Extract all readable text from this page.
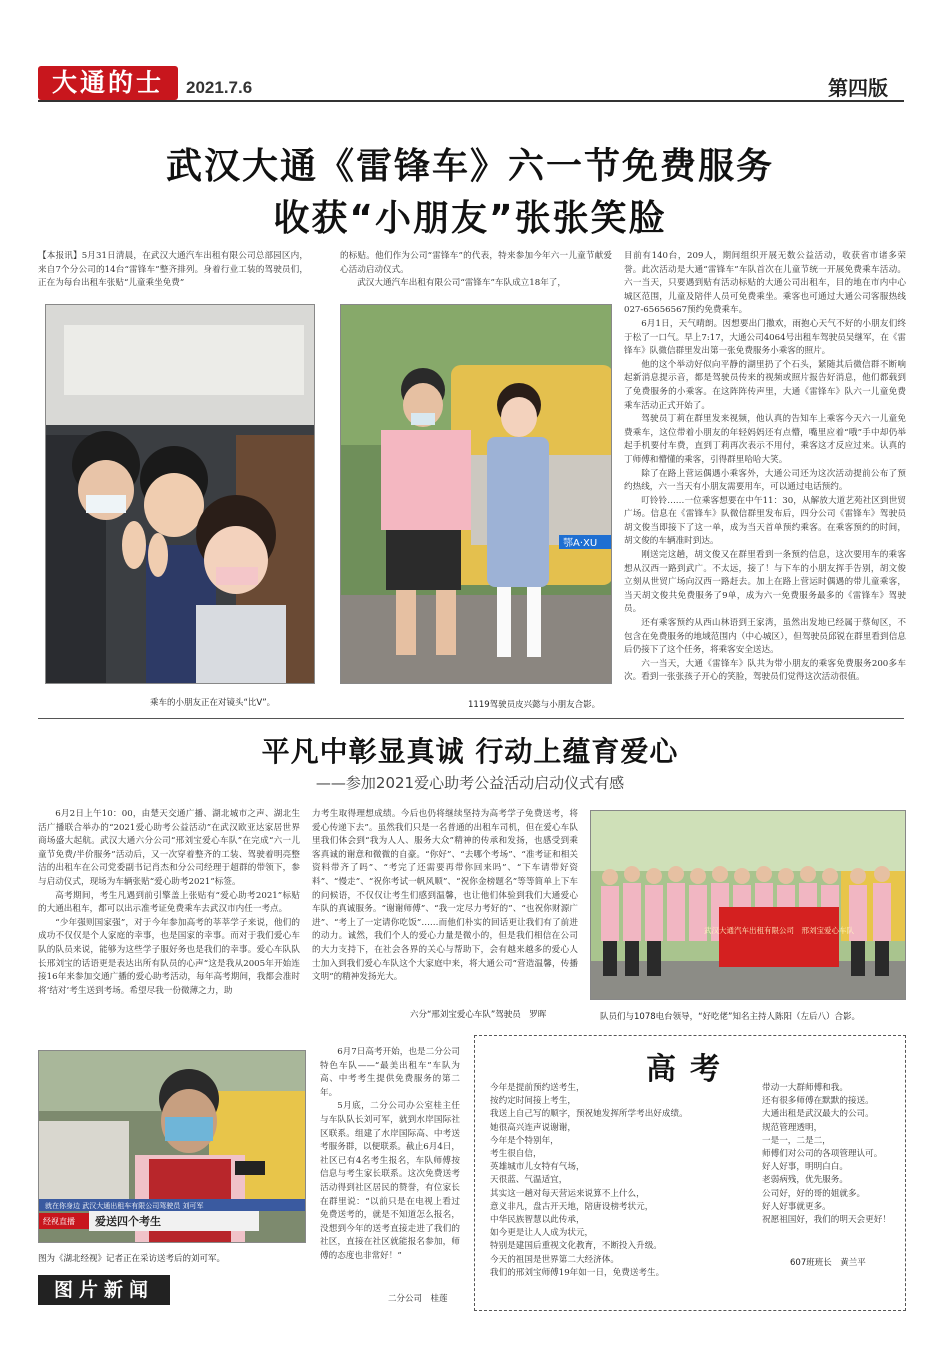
大通的士	2021.7.6	第四版
武汉大通《雷锋车》六一节免费服务
收获“小朋友”张张笑脸

【本报讯】5月31日清晨，在武汉大通汽车出租有限公司总部园区内，来自7个分公司的14台“雷锋车”整齐排列。身着行业工装的驾驶员们，正在为每台出租车张贴“儿童乘坐免费”

的标贴。他们作为公司“雷锋车”的代表，特来参加今年六一儿童节献爱心活动启动仪式。

武汉大通汽车出租有限公司“雷锋车”车队成立18年了，

乘车的小朋友正在对镜头“比V”。
鄂A·XU
1119驾驶员皮兴懿与小朋友合影。

目前有140台，209人，期间组织开展无数公益活动，收获省市诸多荣誉。此次活动是大通“雷锋车”车队首次在儿童节统一开展免费乘车活动。六一当天，只要遇到贴有活动标贴的大通公司出租车，目的地在市内中心城区范围，儿童及陪伴人员可免费乘坐。乘客也可通过大通公司客服热线027-65656567预约免费乘车。

6月1日，天气晴朗。因想要出门撒欢，雨抱心天气不好的小朋友们终于松了一口气。早上7:17，大通公司4064号出租车驾驶员吴继军，在《雷锋车》队微信群里发出第一张免费服务小乘客的照片。

他的这个举动好似向平静的湖里扔了个石头，紧随其后微信群不断响起新消息提示音，都是驾驶员传来的视频或照片报告好消息，他们都载到了免费服务的小乘客。在这阵阵传声里，大通《雷锋车》队六一儿童免费乘车活动正式开始了。

驾驶员丁莉在群里发来视频，他认真的告知车上乘客今天六一儿童免费乘车，这位带着小朋友的年轻妈妈还有点懵，嘴里应着“哦”手中却仍举起手机要付车费，直到丁莉再次表示不用付，乘客这才反应过来。认真的丁师傅和懵懂的乘客，引得群里哈哈大笑。

除了在路上营运偶遇小乘客外，大通公司还为这次活动提前公布了预约热线，六一当天有小朋友需要用车，可以通过电话预约。

叮铃铃……一位乘客想要在中午11：30，从解放大道艺苑社区到世贸广场。信息在《雷锋车》队微信群里发布后，四分公司《雷锋车》驾驶员胡文俊当即接下了这一单，成为当天首单预约乘客。在乘客预约的时间，胡文俊的车辆准时到达。

刚送完这趟，胡文俊又在群里看到一条预约信息，这次要用车的乘客想从汉西一路到武广。不太远，接了！与下车的小朋友挥手告别，胡文俊立刻从世贸广场向汉西一路赶去。加上在路上营运时偶遇的带儿童乘客，当天胡文俊共免费服务了9单，成为六一免费服务最多的《雷锋车》驾驶员。

还有乘客预约从西山林语到王家湾，虽然出发地已经属于蔡甸区，不包含在免费服务的地域范围内（中心城区），但驾驶员邱锐在群里看到信息后仍接下了这个任务，将乘客安全送达。

六一当天，大通《雷锋车》队共为带小朋友的乘客免费服务200多车次。看到一张张孩子开心的笑脸，驾驶员们觉得这次活动很值。

平凡中彰显真诚 行动上蕴育爱心
——参加2021爱心助考公益活动启动仪式有感

6月2日上午10：00，由楚天交通广播、湖北城市之声、湖北生活广播联合举办的“2021爱心助考公益活动”在武汉欧亚达家居世界商场盛大起航。武汉大通六分公司“邢刘宝爱心车队”在完成“六一儿童节免费/半价服务”活动后，又一次穿着整齐的工装、驾驶着明亮整洁的出租车在公司党委副书记肖杰和分公司经理于超群的带领下，参与启动仪式，现场为车辆张贴“爱心助考2021”标签。

高考期间，考生凡遇到前引擎盖上张贴有“爱心助考2021”标贴的大通出租车，都可以出示准考证免费乘车去武汉市内任一考点。

“少年强则国家强”，对于今年参加高考的莘莘学子来说，他们的成功不仅仅是个人家庭的幸事，也是国家的幸事。而对于我们爱心车队的队员来说，能够为这些学子服好务也是我们的幸事。爱心车队队长邢刘宝的话语更是表达出所有队员的心声“这是我从2005年开始连接16年来参加交通广播的爱心助考活动，每年高考期间，我都会准时将‘结对’考生送到考场。希望尽我一份微薄之力，助

力考生取得理想成绩。今后也仍将继续坚持为高考学子免费送考，将爱心传递下去”。虽然我们只是一名普通的出租车司机，但在爱心车队里我们体会到“我为人人、服务大众”精神的传承和发扬，也感受到乘客真诚的谢意和微微的自豪。“你好”、“去哪个考场”、“准考证和相关资料带齐了吗”、“考完了还需要再带你回来吗”、“下车请带好资料”、“慢走”、“祝你考试一帆风顺”、“祝你金榜题名”等等简单上下车的问候语，不仅仅让考生们感到温馨，也让他们体验到我们大通爱心车队的真诚服务。“谢谢师傅”、“我一定尽力考好的”、“也祝你财源广进”、“考上了一定请你吃饭”……而他们朴实的回话更让我们有了前进的动力。诚然，我们个人的爱心力量是微小的，但是我们相信在公司的大力支持下，在社会各界的关心与帮助下，会有越来越多的爱心人士加入到我们爱心车队这个大家庭中来，将大通公司“营造温馨，传播文明”的精神发扬光大。

六分“邢刘宝爱心车队”驾驶员　罗晖
武汉大通汽车出租有限公司　邢刘宝爱心车队
队员们与1078电台领导，“好吃佬”知名主持人陈阳（左后八）合影。
就在你身边 武汉大通出租车有限公司驾驶员 刘可军
经视直播 爱送四个考生
图为《湖北经视》记者正在采访送考后的刘可军。

6月7日高考开始，也是二分公司特色车队——“最美出租车”车队为高、中考考生提供免费服务的第二年。

5月底，二分公司办公室桂主任与车队队长刘可军，就到水岸国际社区联系。组建了水岸国际高、中考送考服务群，以便联系。截止6月4日，社区已有4名考生报名，车队师傅按信息与考生家长联系。这次免费送考活动得到社区居民的赞誉，有位家长在群里说：“以前只是在电视上看过免费送考的，就是不知道怎么报名，没想到今年的送考直接走进了我们的社区，直接在社区就能报名参加，师傅的态度也非常好！”

二分公司　桂莲
高考
今年是提前预约送考生，
按约定时间接上考生，
我送上自己写的顺字，预祝她发挥所学考出好成绩。
她很高兴连声说谢谢，
今年是个特别年，
考生很自信，
英雄城市儿女特有气场，
天很蓝、气温适宜，
其实这一趟对每天营运来说算不上什么，
意义非凡，盘古开天地，陪唐设榜考状元，
中华民族智慧以此传承，
如今更是让人人成为状元，
特别是建国后重视文化教育，不断投入升级。
今天的祖国是世界第二大经济体。
我们的邢刘宝师傅19年如一日，免费送考生。
带动一大群师傅和我。
还有很多师傅在默默的接送。
大通出租是武汉最大的公司。
规范管理透明，
一是一，二是二，
师傅们对公司的各项管理认可。
好人好事，明明白白。
老弱病残，优先服务。
公司好，好的哥的姐就多。
好人好事就更多。
祝愿祖国好，我们的明天会更好！
607班班长　黄兰平
图片新闻
